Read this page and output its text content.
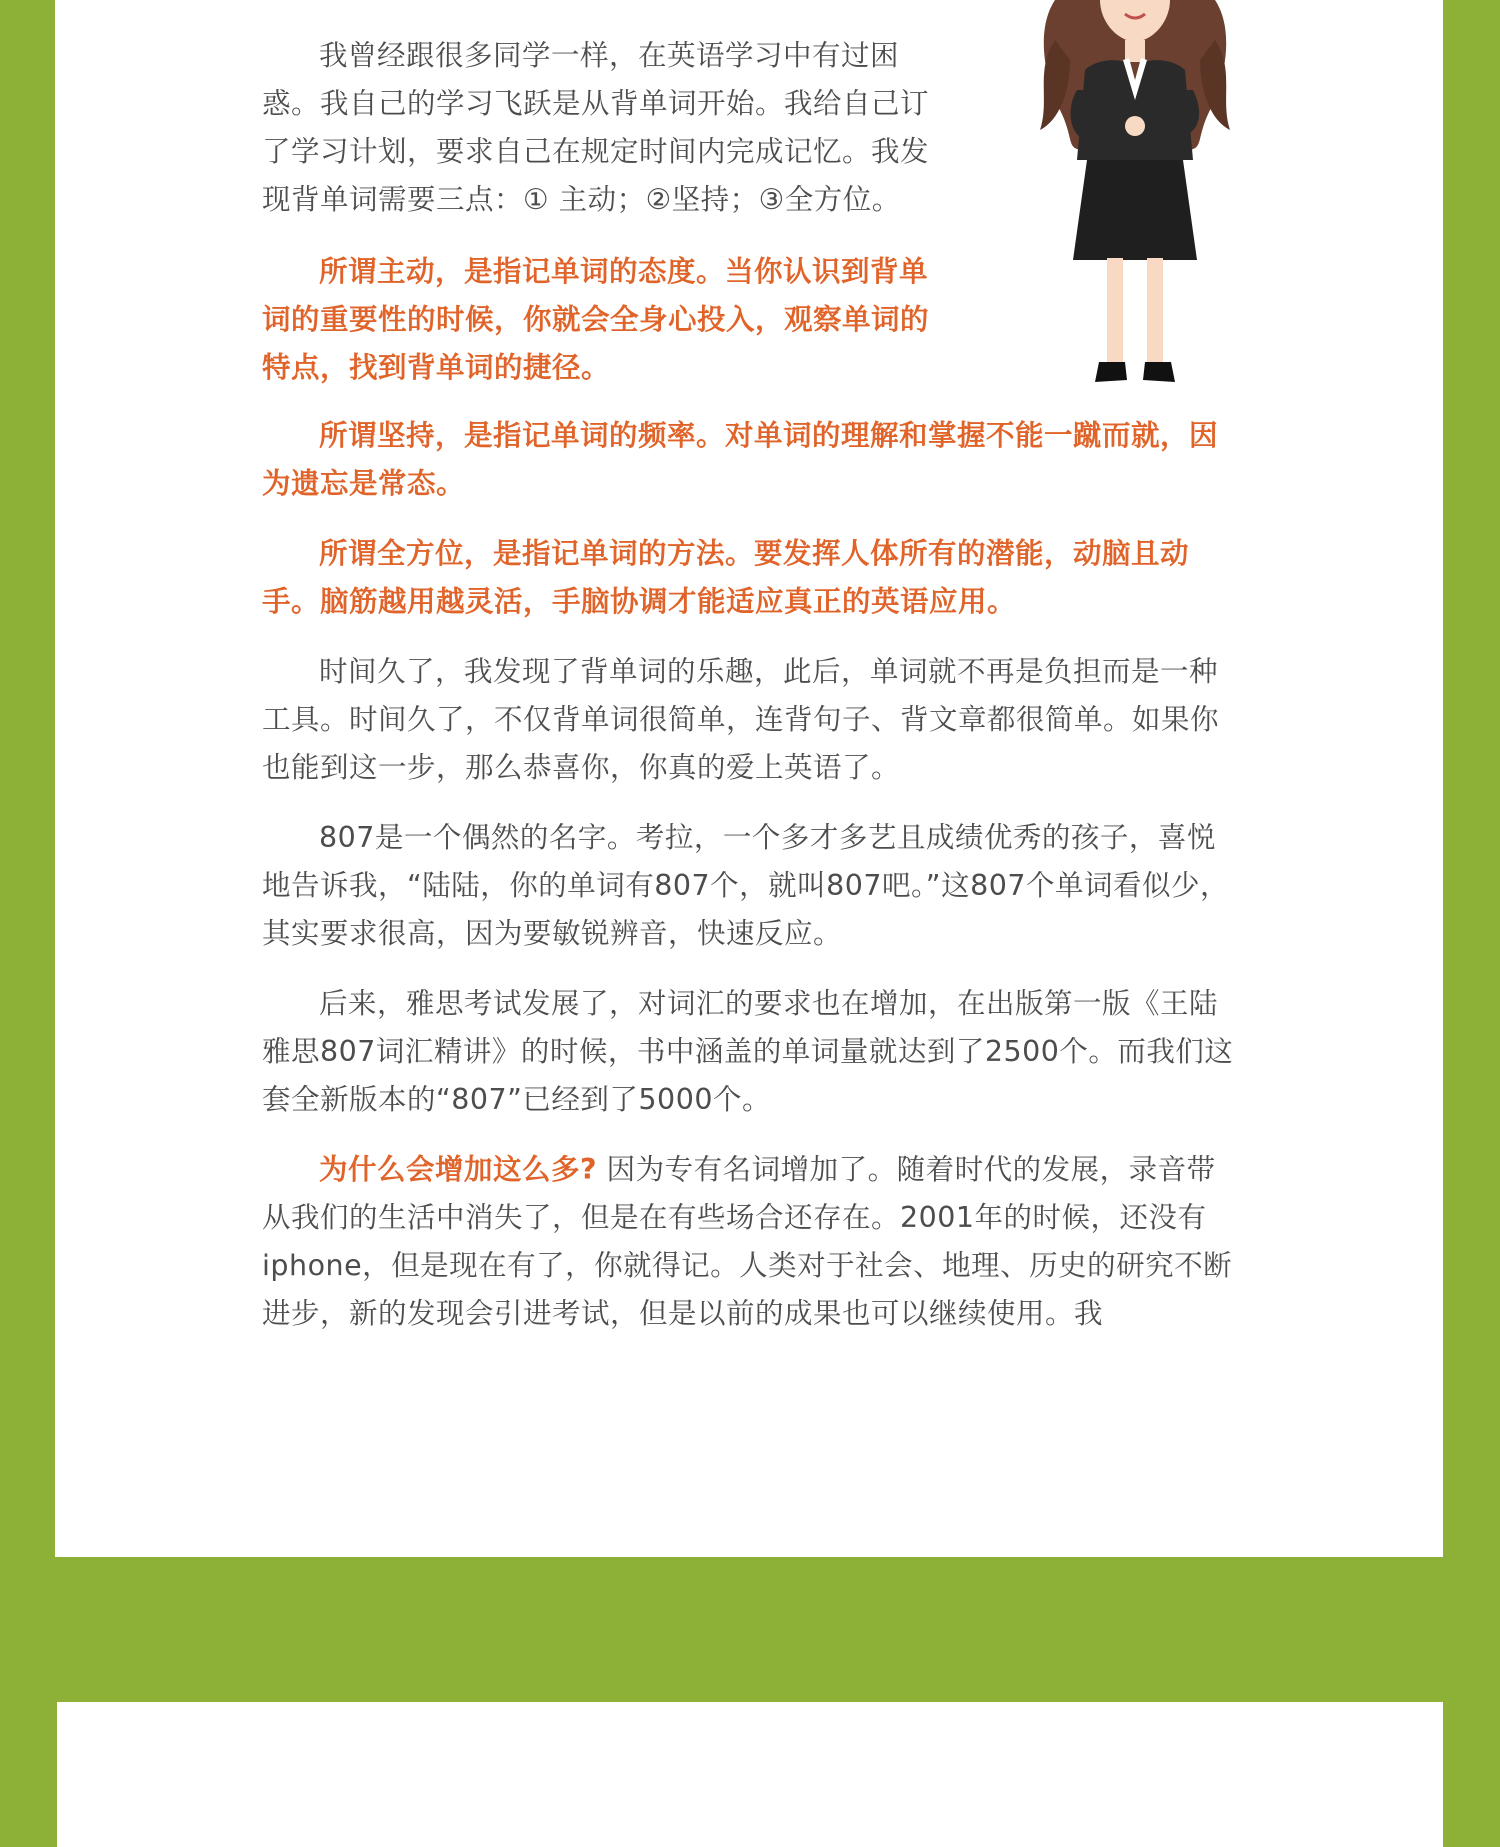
我曾经跟很多同学一样，在英语学习中有过困惑。我自己的学习飞跃是从背单词开始。我给自己订了学习计划，要求自己在规定时间内完成记忆。我发现背单词需要三点：① 主动；②坚持；③全方位。

所谓主动，是指记单词的态度。当你认识到背单词的重要性的时候，你就会全身心投入，观察单词的特点，找到背单词的捷径。

所谓坚持，是指记单词的频率。对单词的理解和掌握不能一蹴而就，因为遗忘是常态。

所谓全方位，是指记单词的方法。要发挥人体所有的潜能，动脑且动手。脑筋越用越灵活，手脑协调才能适应真正的英语应用。

时间久了，我发现了背单词的乐趣，此后，单词就不再是负担而是一种工具。时间久了，不仅背单词很简单，连背句子、背文章都很简单。如果你也能到这一步，那么恭喜你，你真的爱上英语了。

807是一个偶然的名字。考拉，一个多才多艺且成绩优秀的孩子，喜悦地告诉我，“陆陆，你的单词有807个，就叫807吧。”这807个单词看似少，其实要求很高，因为要敏锐辨音，快速反应。

后来，雅思考试发展了，对词汇的要求也在增加，在出版第一版《王陆雅思807词汇精讲》的时候，书中涵盖的单词量就达到了2500个。而我们这套全新版本的“807”已经到了5000个。

为什么会增加这么多? 因为专有名词增加了。随着时代的发展，录音带从我们的生活中消失了，但是在有些场合还存在。2001年的时候，还没有iphone，但是现在有了，你就得记。人类对于社会、地理、历史的研究不断进步，新的发现会引进考试，但是以前的成果也可以继续使用。我
